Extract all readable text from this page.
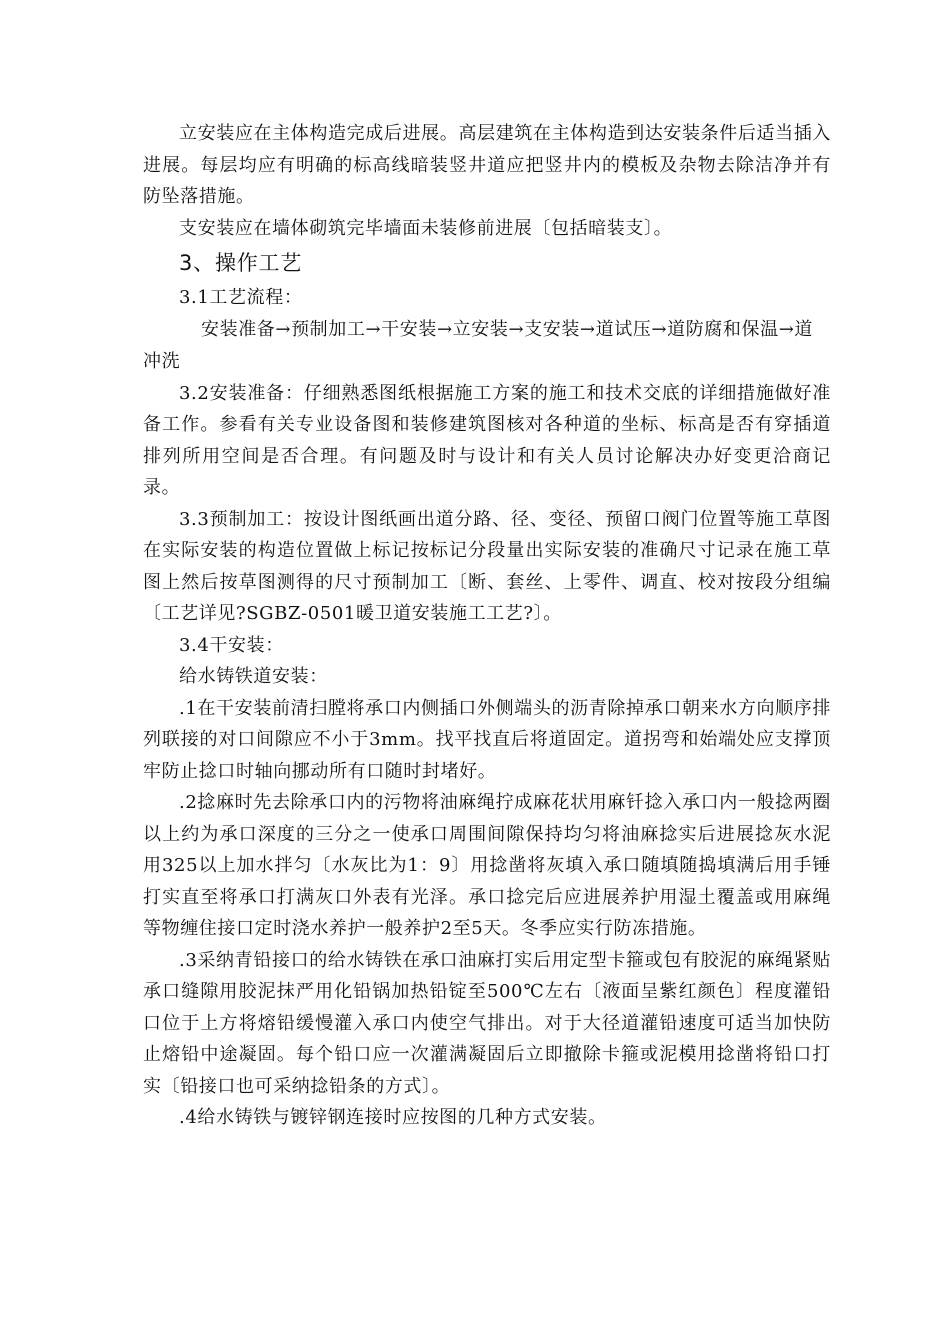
立安装应在主体构造完成后进展。高层建筑在主体构造到达安装条件后适当插入进展。每层均应有明确的标高线暗装竖井道应把竖井内的模板及杂物去除洁净并有防坠落措施。

支安装应在墙体砌筑完毕墙面未装修前进展〔包括暗装支〕。

3、操作工艺

3.1工艺流程：

安装准备→预制加工→干安装→立安装→支安装→道试压→道防腐和保温→道冲洗

3.2安装准备：仔细熟悉图纸根据施工方案的施工和技术交底的详细措施做好准备工作。参看有关专业设备图和装修建筑图核对各种道的坐标、标高是否有穿插道排列所用空间是否合理。有问题及时与设计和有关人员讨论解决办好变更洽商记录。

3.3预制加工：按设计图纸画出道分路、径、变径、预留口阀门位置等施工草图在实际安装的构造位置做上标记按标记分段量出实际安装的准确尺寸记录在施工草图上然后按草图测得的尺寸预制加工〔断、套丝、上零件、调直、校对按段分组编〔工艺详见?SGBZ-0501暖卫道安装施工工艺?〕。

3.4干安装：

给水铸铁道安装：

.1在干安装前清扫膛将承口内侧插口外侧端头的沥青除掉承口朝来水方向顺序排列联接的对口间隙应不小于3mm。找平找直后将道固定。道拐弯和始端处应支撑顶牢防止捻口时轴向挪动所有口随时封堵好。

.2捻麻时先去除承口内的污物将油麻绳拧成麻花状用麻钎捻入承口内一般捻两圈以上约为承口深度的三分之一使承口周围间隙保持均匀将油麻捻实后进展捻灰水泥用325以上加水拌匀〔水灰比为1：9〕用捻凿将灰填入承口随填随捣填满后用手锤打实直至将承口打满灰口外表有光泽。承口捻完后应进展养护用湿土覆盖或用麻绳等物缠住接口定时浇水养护一般养护2至5天。冬季应实行防冻措施。

.3采纳青铅接口的给水铸铁在承口油麻打实后用定型卡箍或包有胶泥的麻绳紧贴承口缝隙用胶泥抹严用化铅锅加热铅锭至500℃左右〔液面呈紫红颜色〕程度灌铅口位于上方将熔铅缓慢灌入承口内使空气排出。对于大径道灌铅速度可适当加快防止熔铅中途凝固。每个铅口应一次灌满凝固后立即撤除卡箍或泥模用捻凿将铅口打实〔铅接口也可采纳捻铅条的方式〕。

.4给水铸铁与镀锌钢连接时应按图的几种方式安装。
